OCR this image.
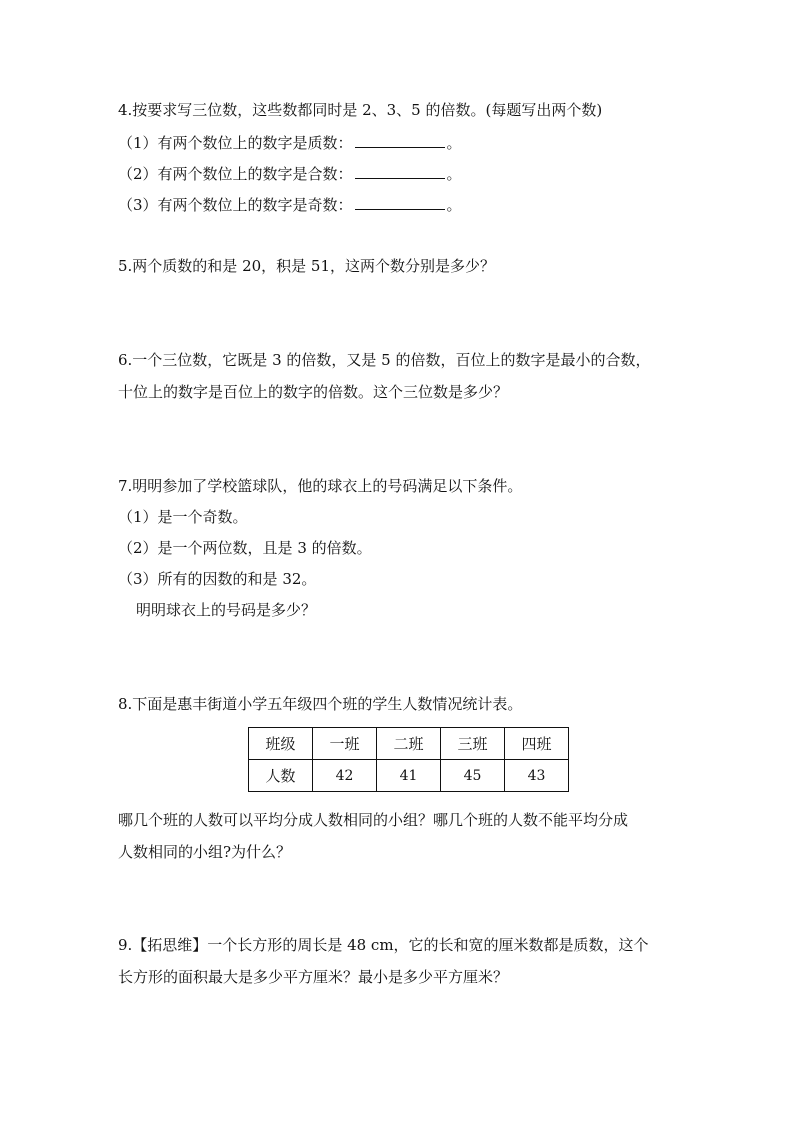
4.按要求写三位数，这些数都同时是 2、3、5 的倍数。(每题写出两个数)
（1）有两个数位上的数字是质数：	。
（2）有两个数位上的数字是合数：	。
（3）有两个数位上的数字是奇数：	。
5.两个质数的和是 20，积是 51，这两个数分别是多少？
6.一个三位数，它既是 3 的倍数，又是 5 的倍数，百位上的数字是最小的合数，
十位上的数字是百位上的数字的倍数。这个三位数是多少？
7.明明参加了学校篮球队，他的球衣上的号码满足以下条件。
（1）是一个奇数。
（2）是一个两位数，且是 3 的倍数。
（3）所有的因数的和是 32。
明明球衣上的号码是多少？
8.下面是惠丰街道小学五年级四个班的学生人数情况统计表。
班级	一班	二班	三班	四班
人数	42	41	45	43
哪几个班的人数可以平均分成人数相同的小组？哪几个班的人数不能平均分成
人数相同的小组?为什么？
9.【拓思维】一个长方形的周长是 48 cm，它的长和宽的厘米数都是质数，这个
长方形的面积最大是多少平方厘米？最小是多少平方厘米？
